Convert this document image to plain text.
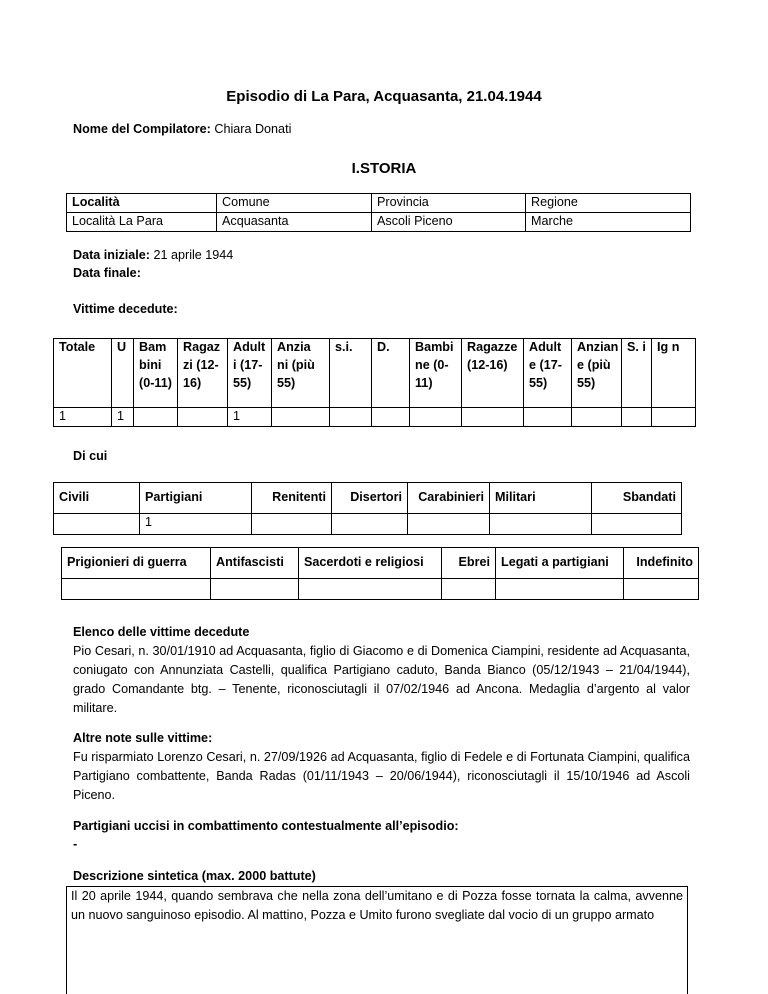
Episodio di La Para, Acquasanta, 21.04.1944
Nome del Compilatore: Chiara Donati
I.STORIA
Località	Comune	Provincia	Regione
Località La Para	Acquasanta	Ascoli Piceno	Marche
Data iniziale: 21 aprile 1944
Data finale:
Vittime decedute:
Totale	U	Bam bini (0-11)	Ragaz zi (12-16)	Adult i (17-55)	Anzia ni (più 55)	s.i.	D.	Bambi ne (0-11)	Ragazze (12-16)	Adult e (17-55)	Anzian e (più 55)	S. i	Ig n
1	1			1									
Di cui
Civili	Partigiani	Renitenti	Disertori	Carabinieri	Militari	Sbandati
	1					
Prigionieri di guerra	Antifascisti	Sacerdoti e religiosi	Ebrei	Legati a partigiani	Indefinito

Elenco delle vittime decedute
Pio Cesari, n. 30/01/1910 ad Acquasanta, figlio di Giacomo e di Domenica Ciampini, residente ad Acquasanta, coniugato con Annunziata Castelli, qualifica Partigiano caduto, Banda Bianco (05/12/1943 – 21/04/1944), grado Comandante btg. – Tenente, riconosciutagli il 07/02/1946 ad Ancona. Medaglia d’argento al valor militare.
Altre note sulle vittime:
Fu risparmiato Lorenzo Cesari, n. 27/09/1926 ad Acquasanta, figlio di Fedele e di Fortunata Ciampini, qualifica Partigiano combattente, Banda Radas (01/11/1943 – 20/06/1944), riconosciutagli il 15/10/1946 ad Ascoli Piceno.
Partigiani uccisi in combattimento contestualmente all’episodio:
-
Descrizione sintetica (max. 2000 battute)
Il 20 aprile 1944, quando sembrava che nella zona dell’umitano e di Pozza fosse tornata la calma, avvenne un nuovo sanguinoso episodio. Al mattino, Pozza e Umito furono svegliate dal vocio di un gruppo armato
